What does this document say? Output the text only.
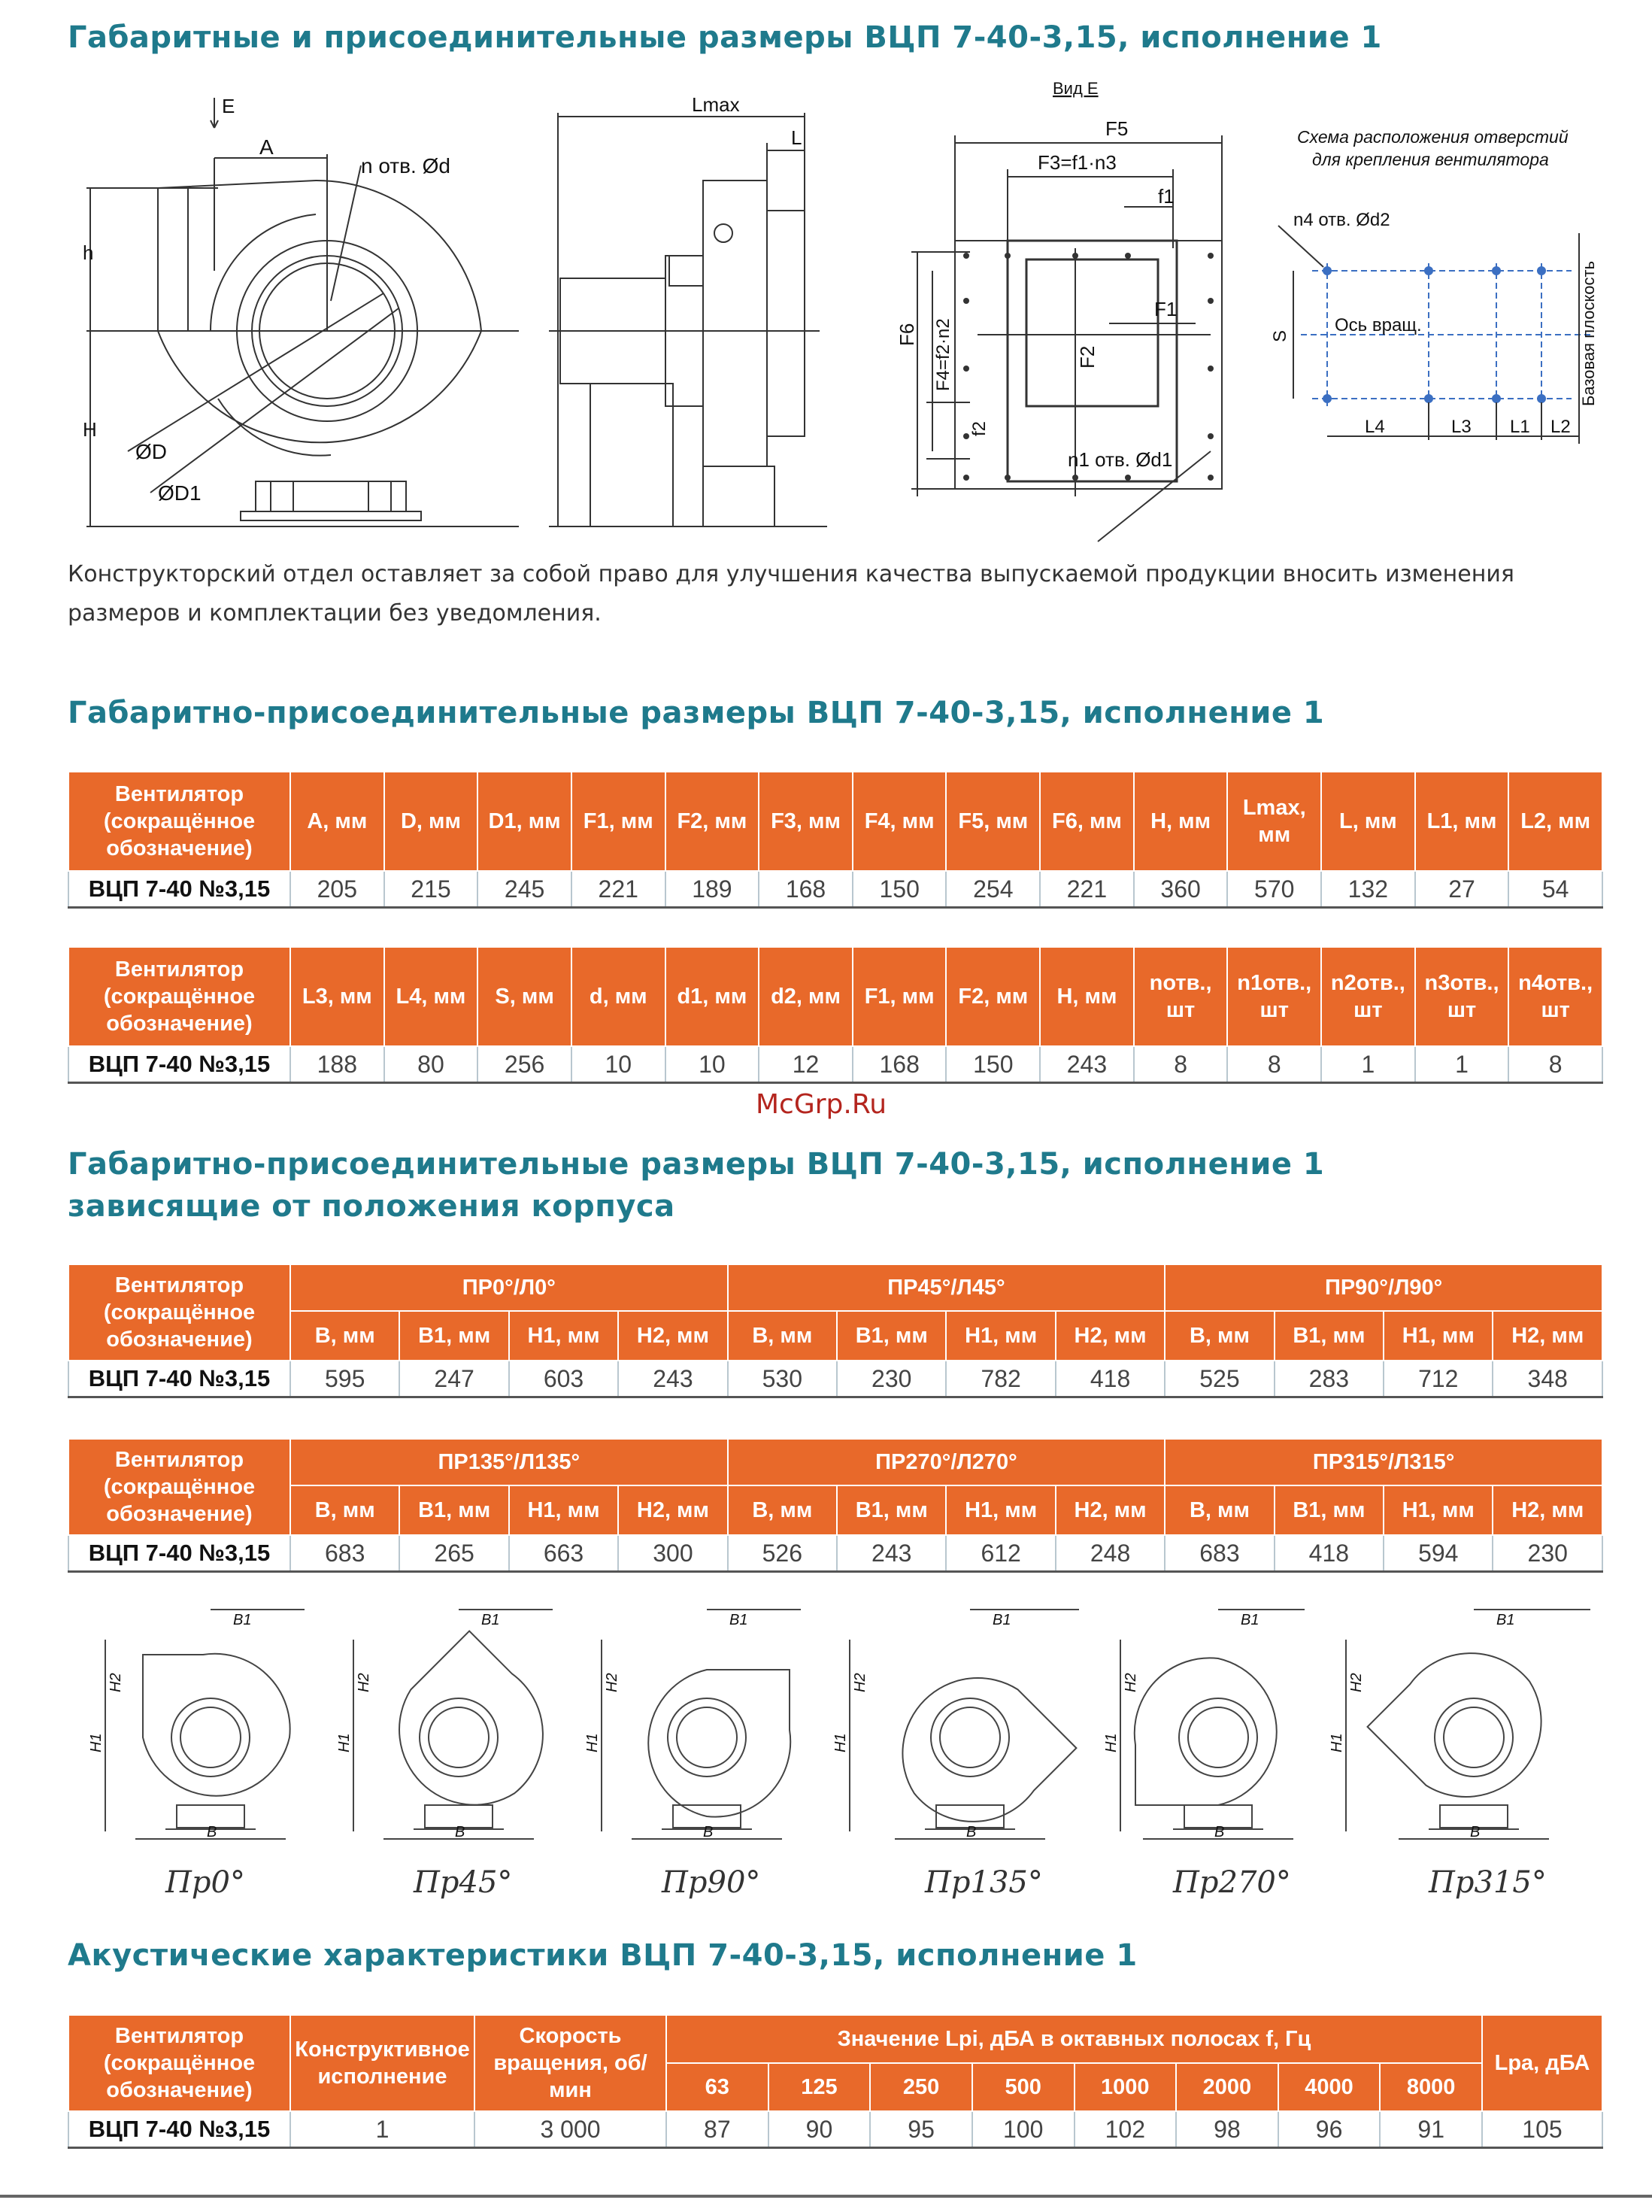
Габаритные и присоединительные размеры ВЦП 7-40-3,15, исполнение 1
E
A
n отв. Ød
h
H
ØD
ØD1
Lmax
L
Вид Е
F5
F3=f1·n3
f1
F1
F2
F6 F4=f2·n2
f2
n1 отв. Ød1
Схема расположения отверстий
для крепления вентилятора
n4 отв. Ød2
Ось вращ.
S	Базовая плоскость
L4	L3 L1 L2
Конструкторский отдел оставляет за собой право для улучшения качества выпускаемой продукции вносить изменения размеров и комплектации без уведомления.
Габаритно-присоединительные размеры ВЦП 7-40-3,15, исполнение 1
Вентилятор (сокращённое обозначение)	A, мм	D, мм	D1, мм	F1, мм	F2, мм	F3, мм	F4, мм	F5, мм	F6, мм	H, мм	Lmax, мм	L, мм	L1, мм	L2, мм
ВЦП 7-40 №3,15	205	215	245	221	189	168	150	254	221	360	570	132	27	54
Вентилятор (сокращённое обозначение)	L3, мм	L4, мм	S, мм	d, мм	d1, мм	d2, мм	F1, мм	F2, мм	H, мм	nотв., шт	n1отв., шт	n2отв., шт	n3отв., шт	n4отв., шт
ВЦП 7-40 №3,15	188	80	256	10	10	12	168	150	243	8	8	1	1	8
McGrp.Ru
Габаритно-присоединительные размеры ВЦП 7-40-3,15, исполнение 1
зависящие от положения корпуса
Вентилятор (сокращённое обозначение)	ПР0°/Л0°				ПР45°/Л45°				ПР90°/Л90°			
	B, мм	B1, мм	H1, мм	H2, мм	B, мм	B1, мм	H1, мм	H2, мм	B, мм	B1, мм	H1, мм	H2, мм
ВЦП 7-40 №3,15	595	247	603	243	530	230	782	418	525	283	712	348
Вентилятор (сокращённое обозначение)	ПР135°/Л135°				ПР270°/Л270°				ПР315°/Л315°			
	B, мм	B1, мм	H1, мм	H2, мм	B, мм	B1, мм	H1, мм	H2, мм	B, мм	B1, мм	H1, мм	H2, мм
ВЦП 7-40 №3,15	683	265	663	300	526	243	612	248	683	418	594	230
B
B1
H1
H2
Пр0°
B
B1
H1
H2
Пр45°
B
B1
H1
H2
Пр90°
B
B1
H1
H2
Пр135°
B
B1
H1
H2
Пр270°
B
B1
H1
H2
Пр315°
Акустические характеристики ВЦП 7-40-3,15, исполнение 1
Вентилятор (сокращённое обозначение)	Конструктивное исполнение	Скорость вращения, об/мин	Значение Lpi, дБА в октавных полосах f, Гц								Lpa, дБА
			63	125	250	500	1000	2000	4000	8000	
ВЦП 7-40 №3,15	1	3 000	87	90	95	100	102	98	96	91	105
